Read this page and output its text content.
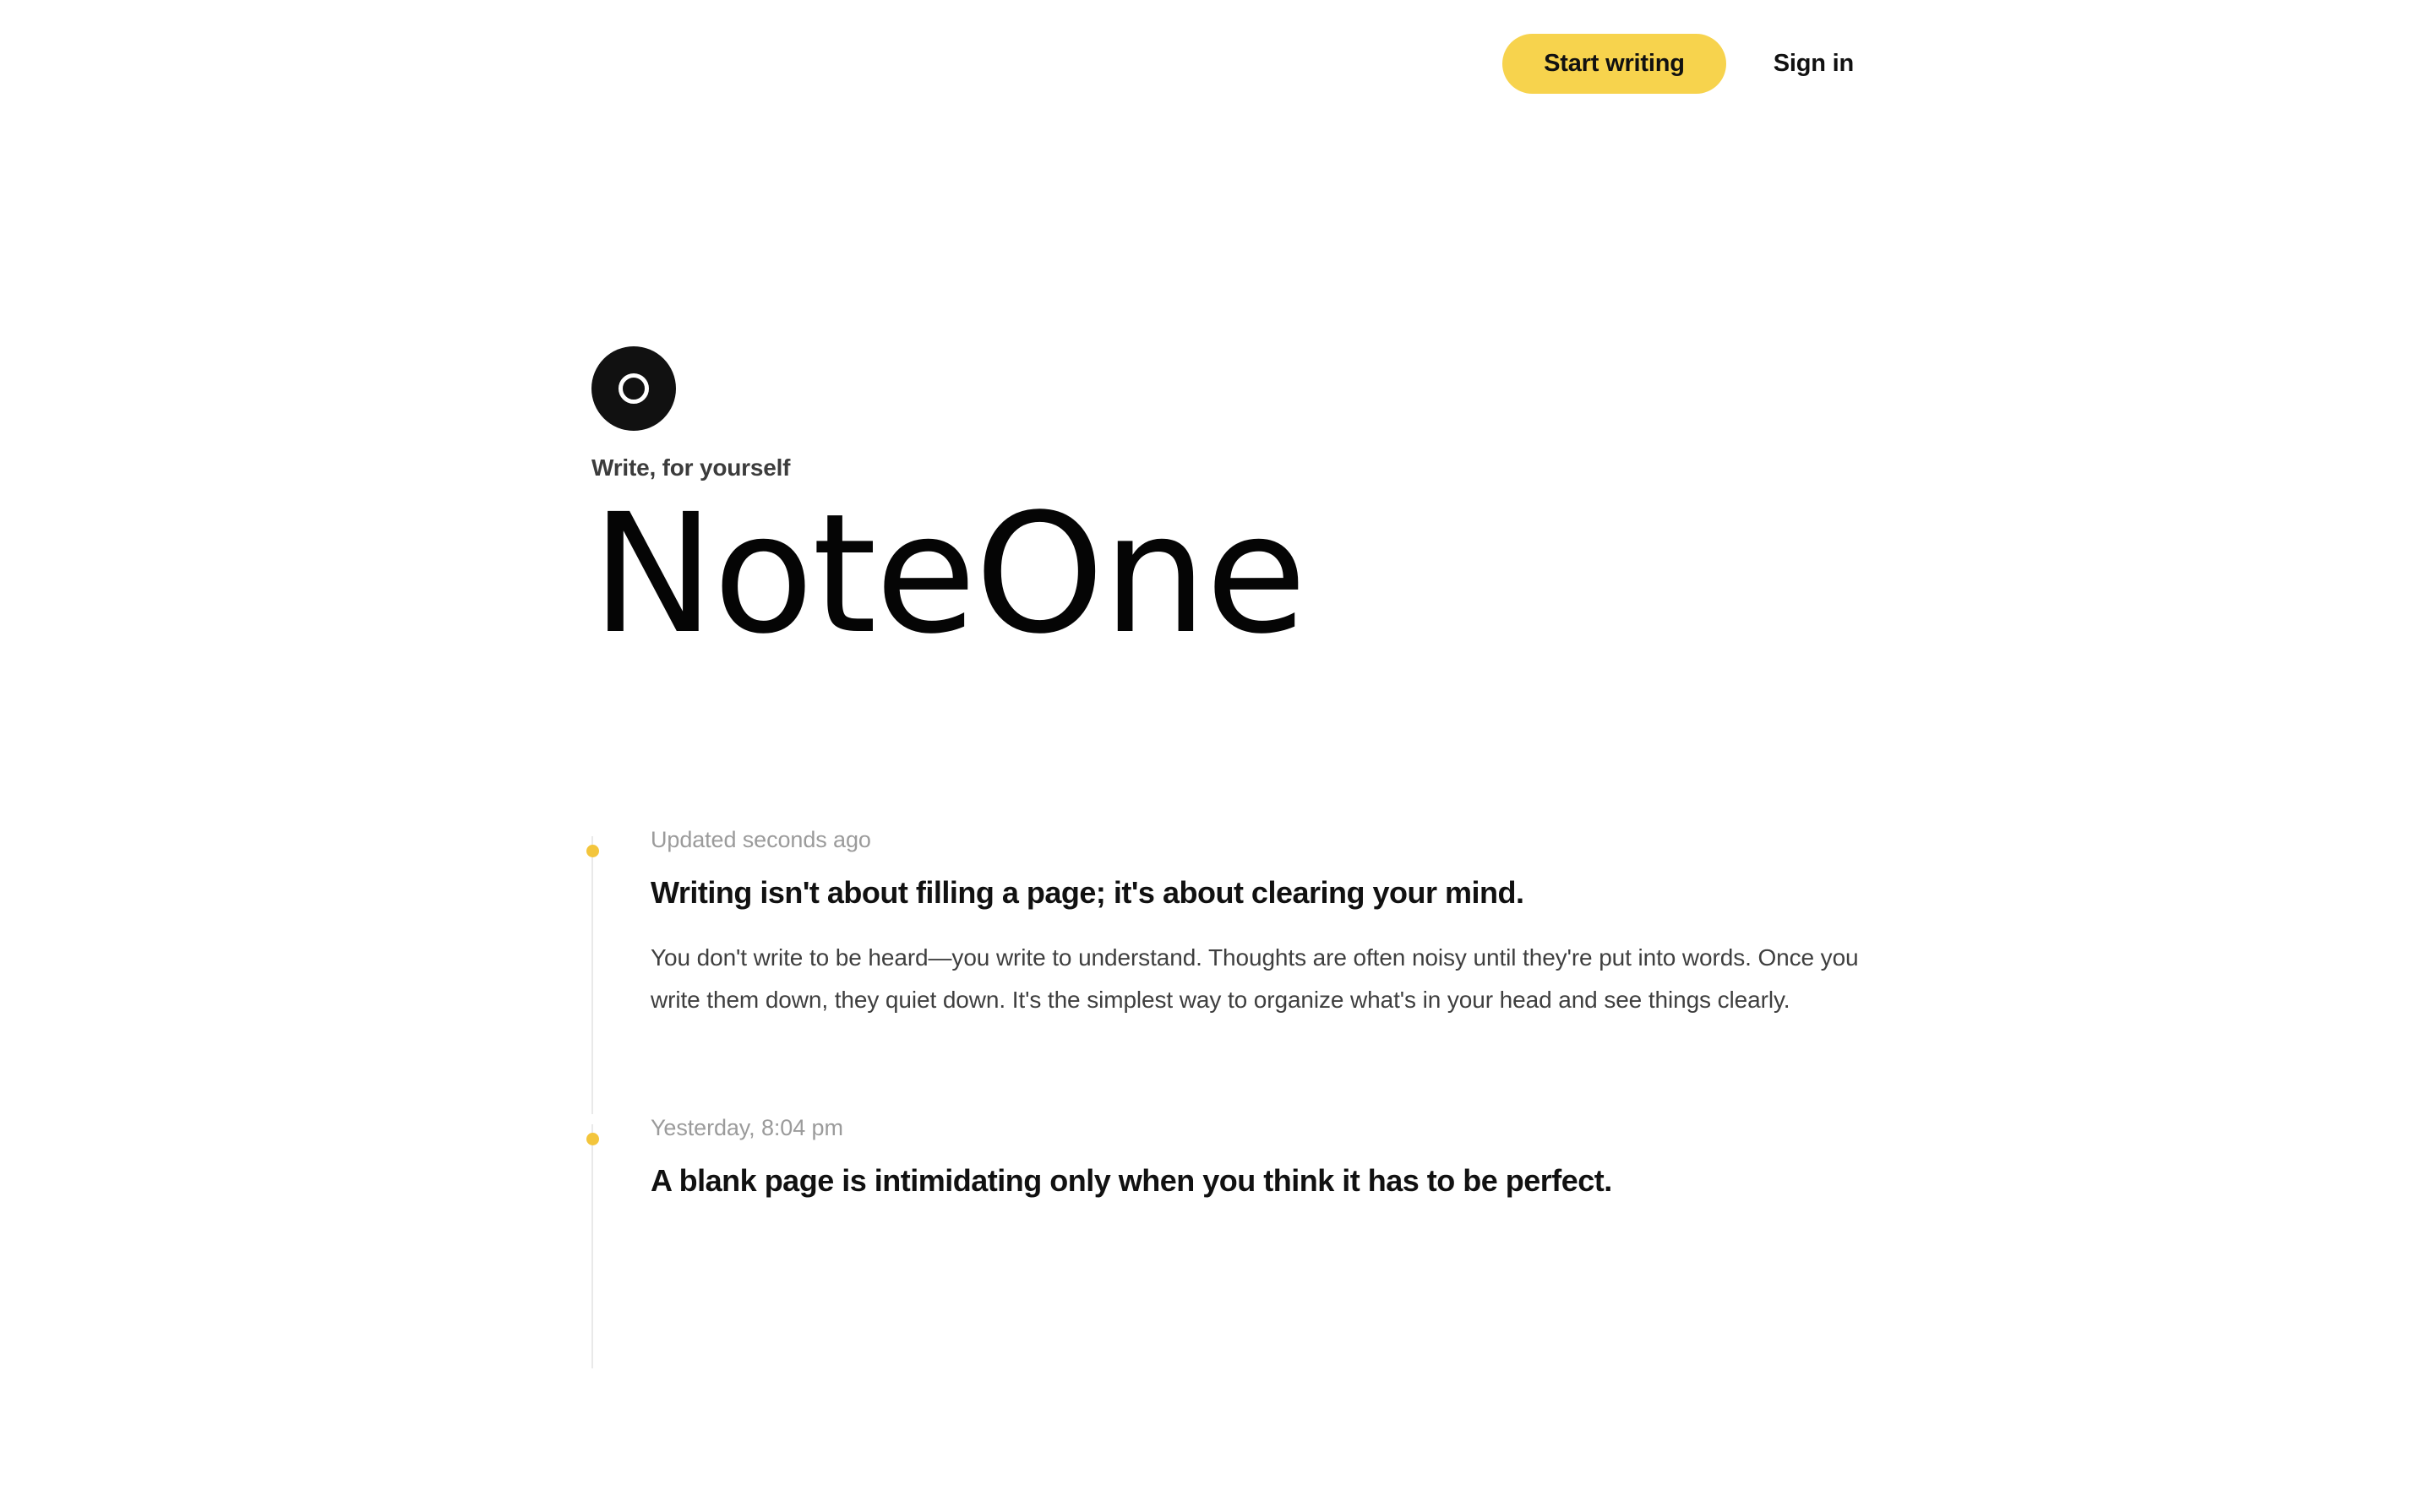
Start writing	Sign in
Write, for yourself
NoteOne
Updated seconds ago
Writing isn't about filling a page; it's about clearing your mind.
You don't write to be heard—you write to understand. Thoughts are often noisy until they're put into words. Once you write them down, they quiet down. It's the simplest way to organize what's in your head and see things clearly.
Yesterday, 8:04 pm
A blank page is intimidating only when you think it has to be perfect.
